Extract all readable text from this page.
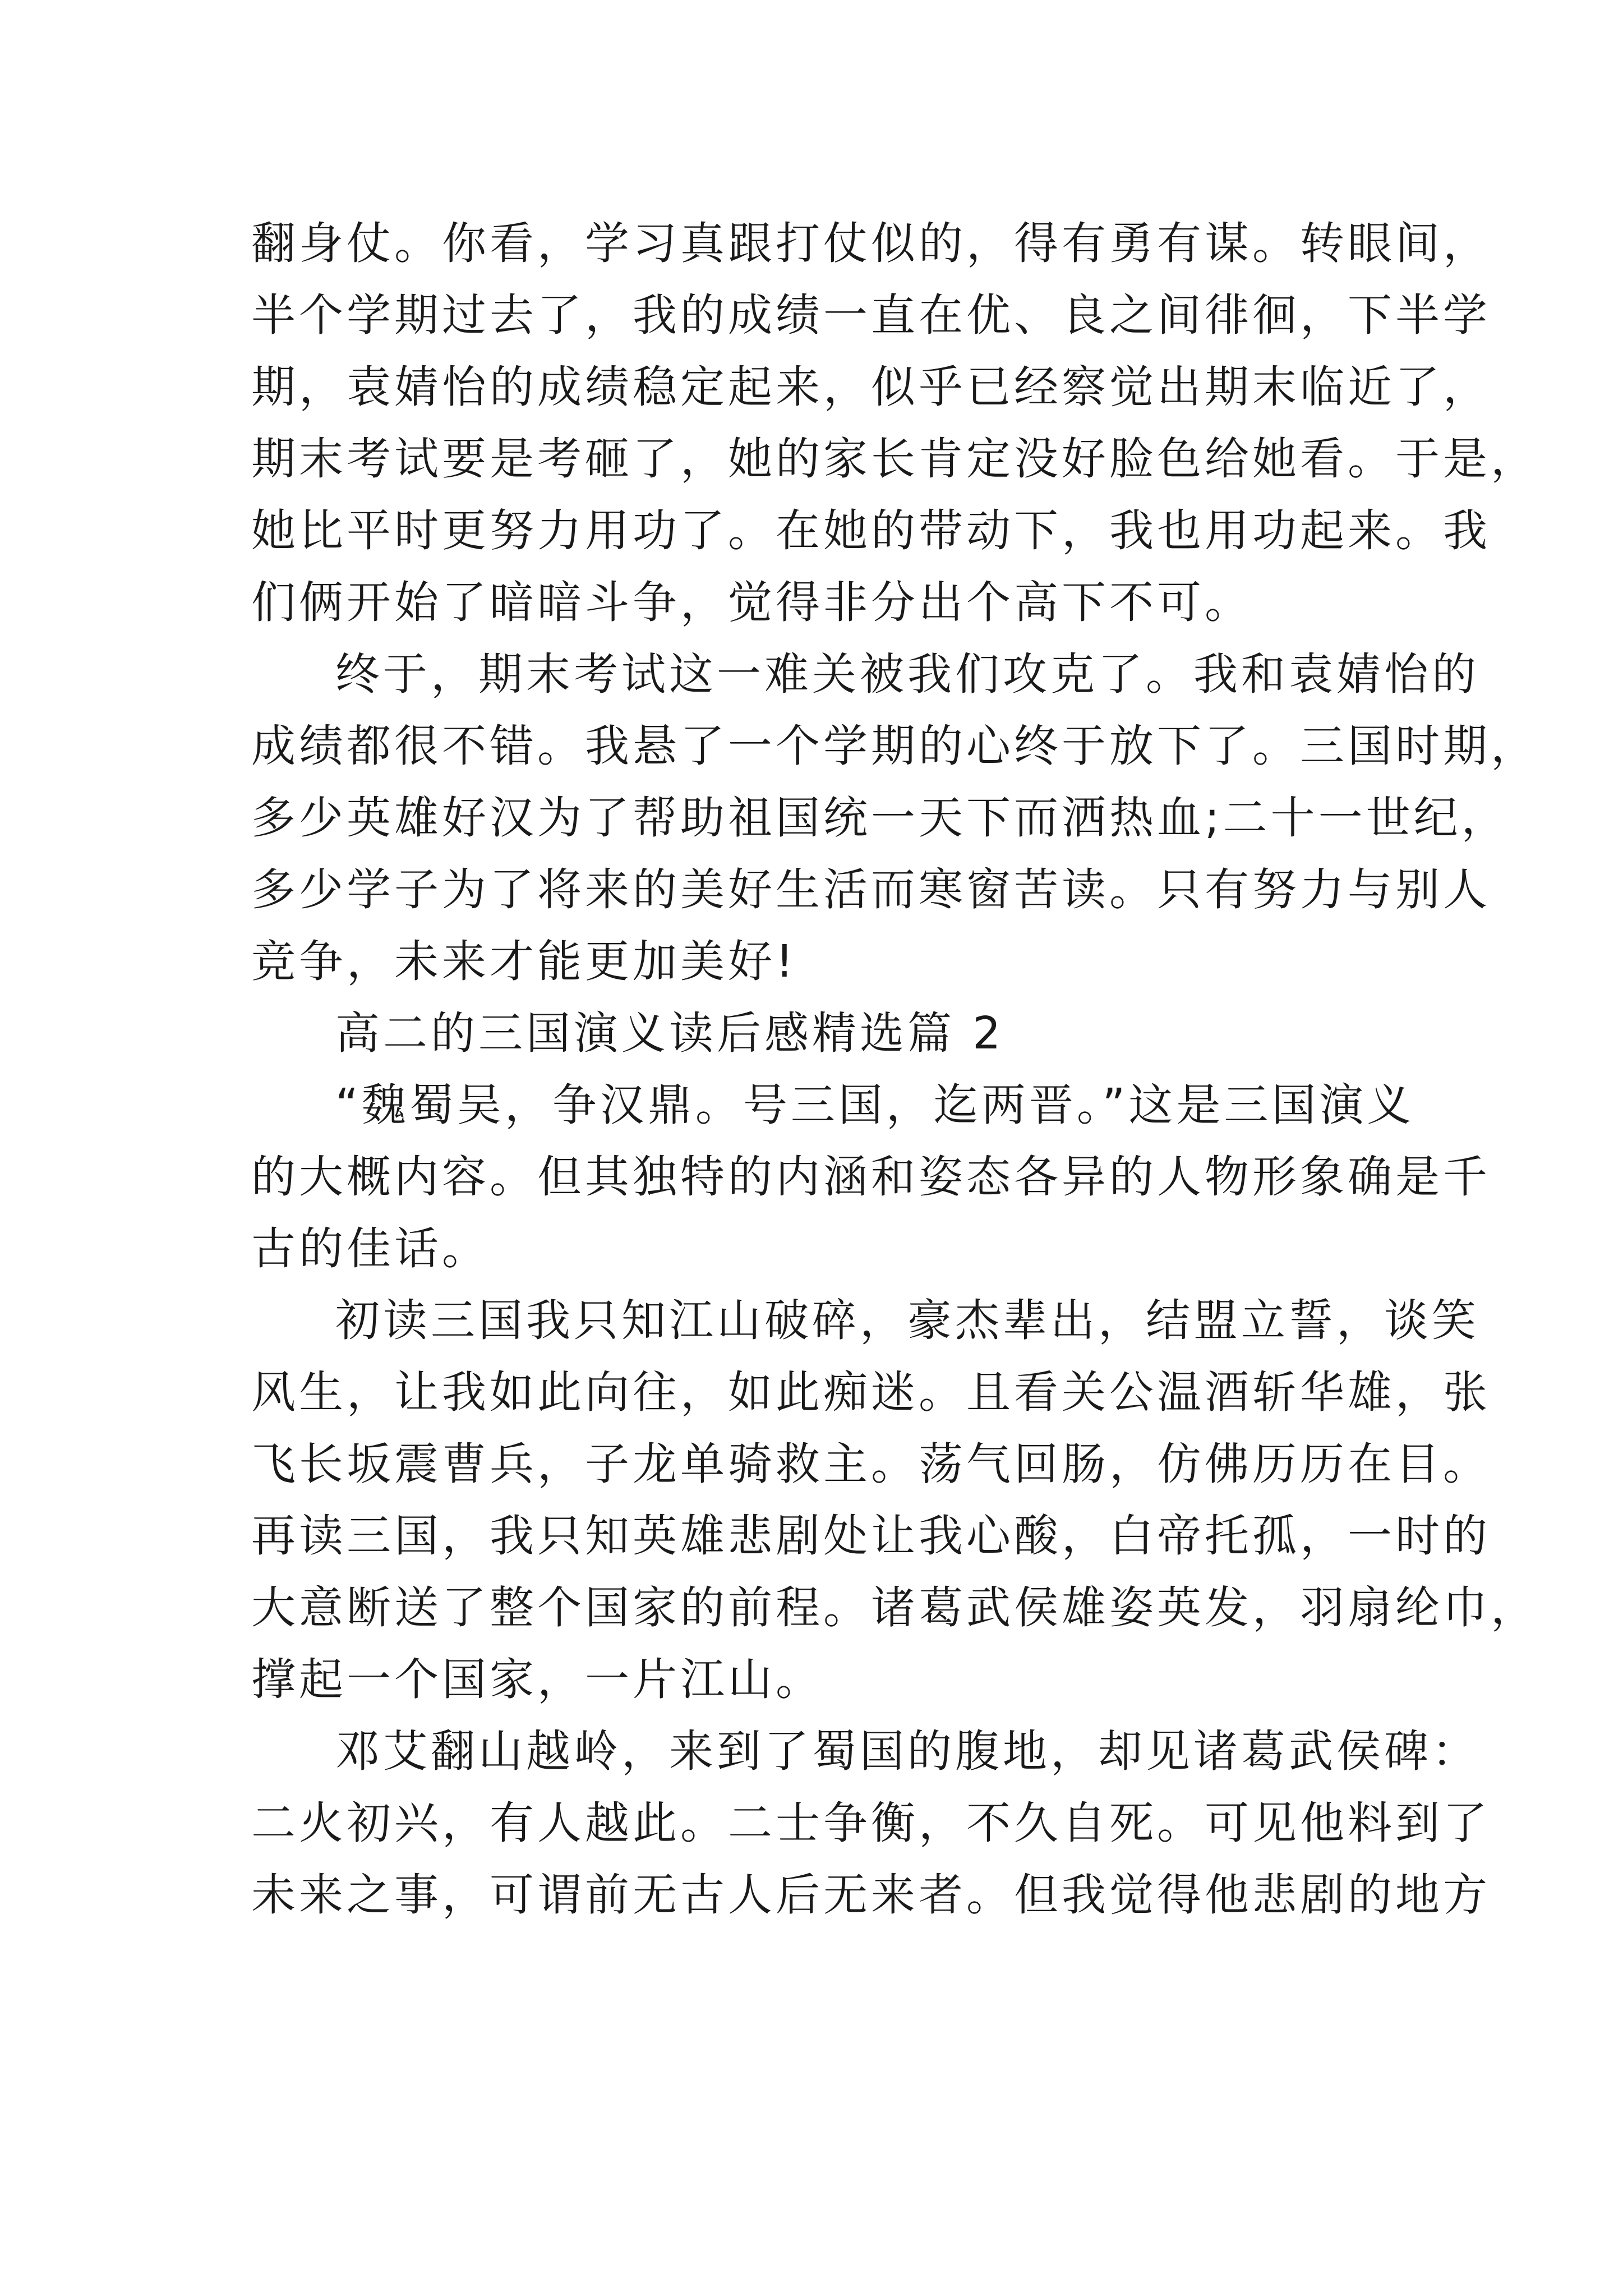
翻身仗。你看，学习真跟打仗似的，得有勇有谋。转眼间，
半个学期过去了，我的成绩一直在优、良之间徘徊，下半学
期，袁婧怡的成绩稳定起来，似乎已经察觉出期末临近了，
期末考试要是考砸了，她的家长肯定没好脸色给她看。于是，
她比平时更努力用功了。在她的带动下，我也用功起来。我
们俩开始了暗暗斗争，觉得非分出个高下不可。
终于，期末考试这一难关被我们攻克了。我和袁婧怡的
成绩都很不错。我悬了一个学期的心终于放下了。三国时期，
多少英雄好汉为了帮助祖国统一天下而洒热血;二十一世纪，
多少学子为了将来的美好生活而寒窗苦读。只有努力与别人
竞争，未来才能更加美好!
高二的三国演义读后感精选篇 2
“魏蜀吴，争汉鼎。号三国，迄两晋。”这是三国演义
的大概内容。但其独特的内涵和姿态各异的人物形象确是千
古的佳话。
初读三国我只知江山破碎，豪杰辈出，结盟立誓，谈笑
风生，让我如此向往，如此痴迷。且看关公温酒斩华雄，张
飞长坂震曹兵，子龙单骑救主。荡气回肠，仿佛历历在目。
再读三国，我只知英雄悲剧处让我心酸，白帝托孤，一时的
大意断送了整个国家的前程。诸葛武侯雄姿英发，羽扇纶巾，
撑起一个国家，一片江山。
邓艾翻山越岭，来到了蜀国的腹地，却见诸葛武侯碑：
二火初兴，有人越此。二士争衡，不久自死。可见他料到了
未来之事，可谓前无古人后无来者。但我觉得他悲剧的地方
